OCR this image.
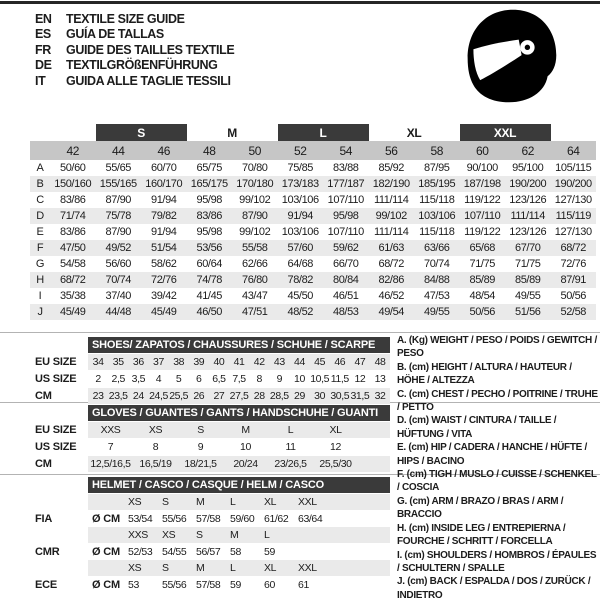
EN	TEXTILE SIZE GUIDE
ES	GUÍA DE TALLAS
FR	GUIDE DES TAILLES TEXTILE
DE	TEXTILGRÖßENFÜHRUNG
IT	GUIDA ALLE TAGLIE TESSILI
		S		M		L		XL		XXL		
	42	44	46	48	50	52	54	56	58	60	62	64
A	50/60	55/65	60/70	65/75	70/80	75/85	83/88	85/92	87/95	90/100	95/100	105/115
B	150/160	155/165	160/170	165/175	170/180	173/183	177/187	182/190	185/195	187/198	190/200	190/200
C	83/86	87/90	91/94	95/98	99/102	103/106	107/110	111/114	115/118	119/122	123/126	127/130
D	71/74	75/78	79/82	83/86	87/90	91/94	95/98	99/102	103/106	107/110	111/114	115/119
E	83/86	87/90	91/94	95/98	99/102	103/106	107/110	111/114	115/118	119/122	123/126	127/130
F	47/50	49/52	51/54	53/56	55/58	57/60	59/62	61/63	63/66	65/68	67/70	68/72
G	54/58	56/60	58/62	60/64	62/66	64/68	66/70	68/72	70/74	71/75	71/75	72/76
H	68/72	70/74	72/76	74/78	76/80	78/82	80/84	82/86	84/88	85/89	85/89	87/91
I	35/38	37/40	39/42	41/45	43/47	45/50	46/51	46/52	47/53	48/54	49/55	50/56
J	45/49	44/48	45/49	46/50	47/51	48/52	48/53	49/54	49/55	50/56	51/56	52/58
SHOES/ ZAPATOS / CHAUSSURES / SCHUHE / SCARPE
EU SIZE	34 35 36 37 38 39 40 41 42 43 44 45 46 47 48
US SIZE	2	2,5 3,5	4	5	6	6,5 7,5	8	9	10 10,5 11,5 12 13
CM	23 23,5 24 24,5 25,5 26 27 27,5 28 28,5 29 30 30,5 31,5 32
GLOVES / GUANTES / GANTS / HANDSCHUHE / GUANTI
EU SIZE	XXS	XS	S	M	L	XL
US SIZE	7	8	9	10	11	12
CM	12,5/16,5 16,5/19	18/21,5	20/24	23/26,5	25,5/30
HELMET / CASCO / CASQUE / HELM / CASCO
XS	S	M	L	XL	XXL
FIA	Ø CM 53/54 55/56 57/58 59/60 61/62 63/64
XXS	XS	S	M	L
CMR	Ø CM 52/53 54/55 56/57 58	59
XS	S	M	L	XL	XXL
ECE	Ø CM 53	55/56 57/58 59	60	61
A. (Kg) WEIGHT / PESO / POIDS / GEWITCH / PESO
B. (cm) HEIGHT / ALTURA / HAUTEUR / HÖHE / ALTEZZA
C. (cm) CHEST / PECHO / POITRINE / TRUHE / PETTO
D. (cm) WAIST / CINTURA / TAILLE / HÜFTUNG / VITA
E. (cm) HIP / CADERA / HANCHE / HÜFTE / HIPS / BACINO
F. (cm) TIGH / MUSLO / CUISSE / SCHENKEL / COSCIA
G. (cm) ARM / BRAZO / BRAS / ARM / BRACCIO
H. (cm) INSIDE LEG / ENTREPIERNA / FOURCHE / SCHRITT / FORCELLA
I. (cm) SHOULDERS / HOMBROS / ÉPAULES / SCHULTERN / SPALLE
J. (cm) BACK / ESPALDA / DOS / ZURÜCK / INDIETRO
